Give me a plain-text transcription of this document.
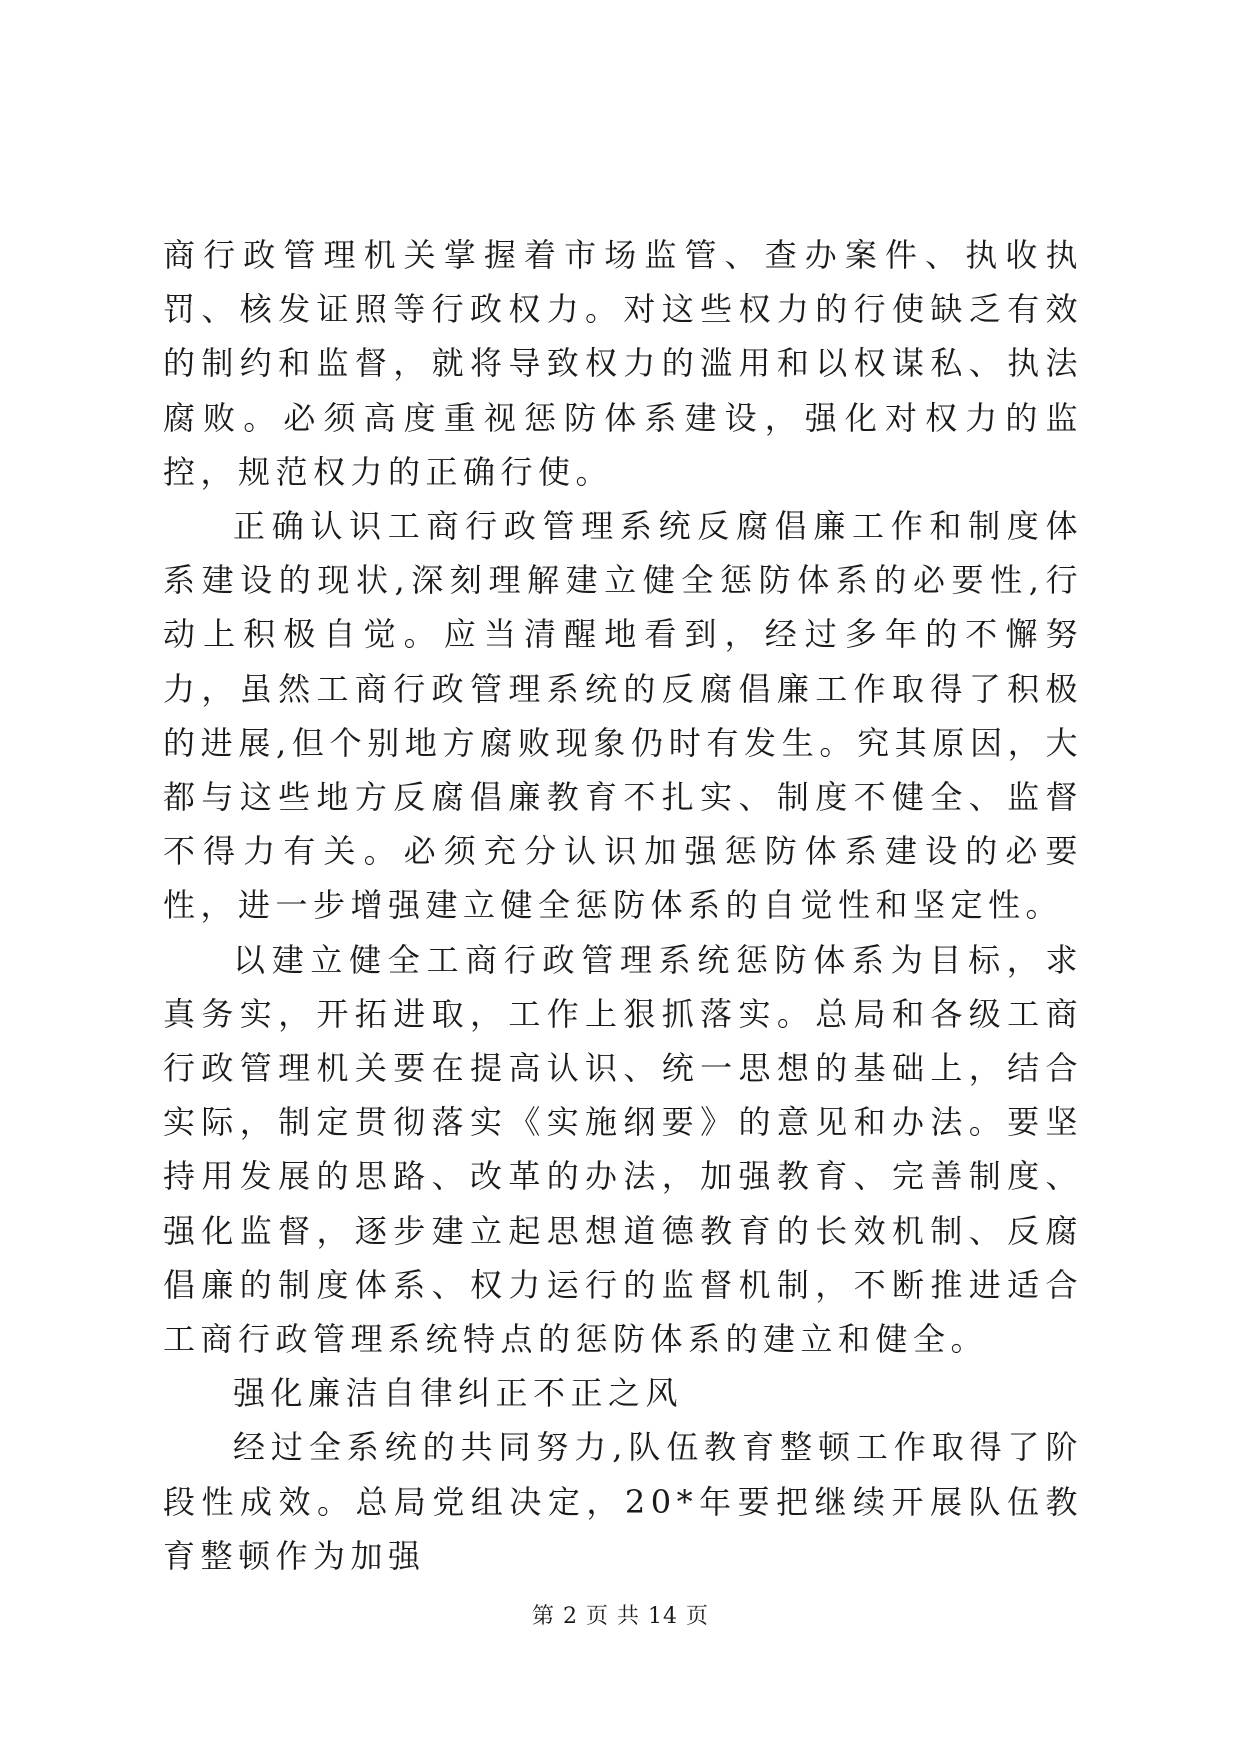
商行政管理机关掌握着市场监管、查办案件、执收执罚、核发证照等行政权力。对这些权力的行使缺乏有效的制约和监督，就将导致权力的滥用和以权谋私、执法腐败。必须高度重视惩防体系建设，强化对权力的监控，规范权力的正确行使。

正确认识工商行政管理系统反腐倡廉工作和制度体系建设的现状,深刻理解建立健全惩防体系的必要性,行动上积极自觉。应当清醒地看到，经过多年的不懈努力，虽然工商行政管理系统的反腐倡廉工作取得了积极的进展,但个别地方腐败现象仍时有发生。究其原因，大都与这些地方反腐倡廉教育不扎实、制度不健全、监督不得力有关。必须充分认识加强惩防体系建设的必要性，进一步增强建立健全惩防体系的自觉性和坚定性。

以建立健全工商行政管理系统惩防体系为目标，求真务实，开拓进取，工作上狠抓落实。总局和各级工商行政管理机关要在提高认识、统一思想的基础上，结合实际，制定贯彻落实《实施纲要》的意见和办法。要坚持用发展的思路、改革的办法，加强教育、完善制度、强化监督，逐步建立起思想道德教育的长效机制、反腐倡廉的制度体系、权力运行的监督机制，不断推进适合工商行政管理系统特点的惩防体系的建立和健全。

强化廉洁自律纠正不正之风

经过全系统的共同努力,队伍教育整顿工作取得了阶段性成效。总局党组决定，20*年要把继续开展队伍教育整顿作为加强

第 2 页 共 14 页
